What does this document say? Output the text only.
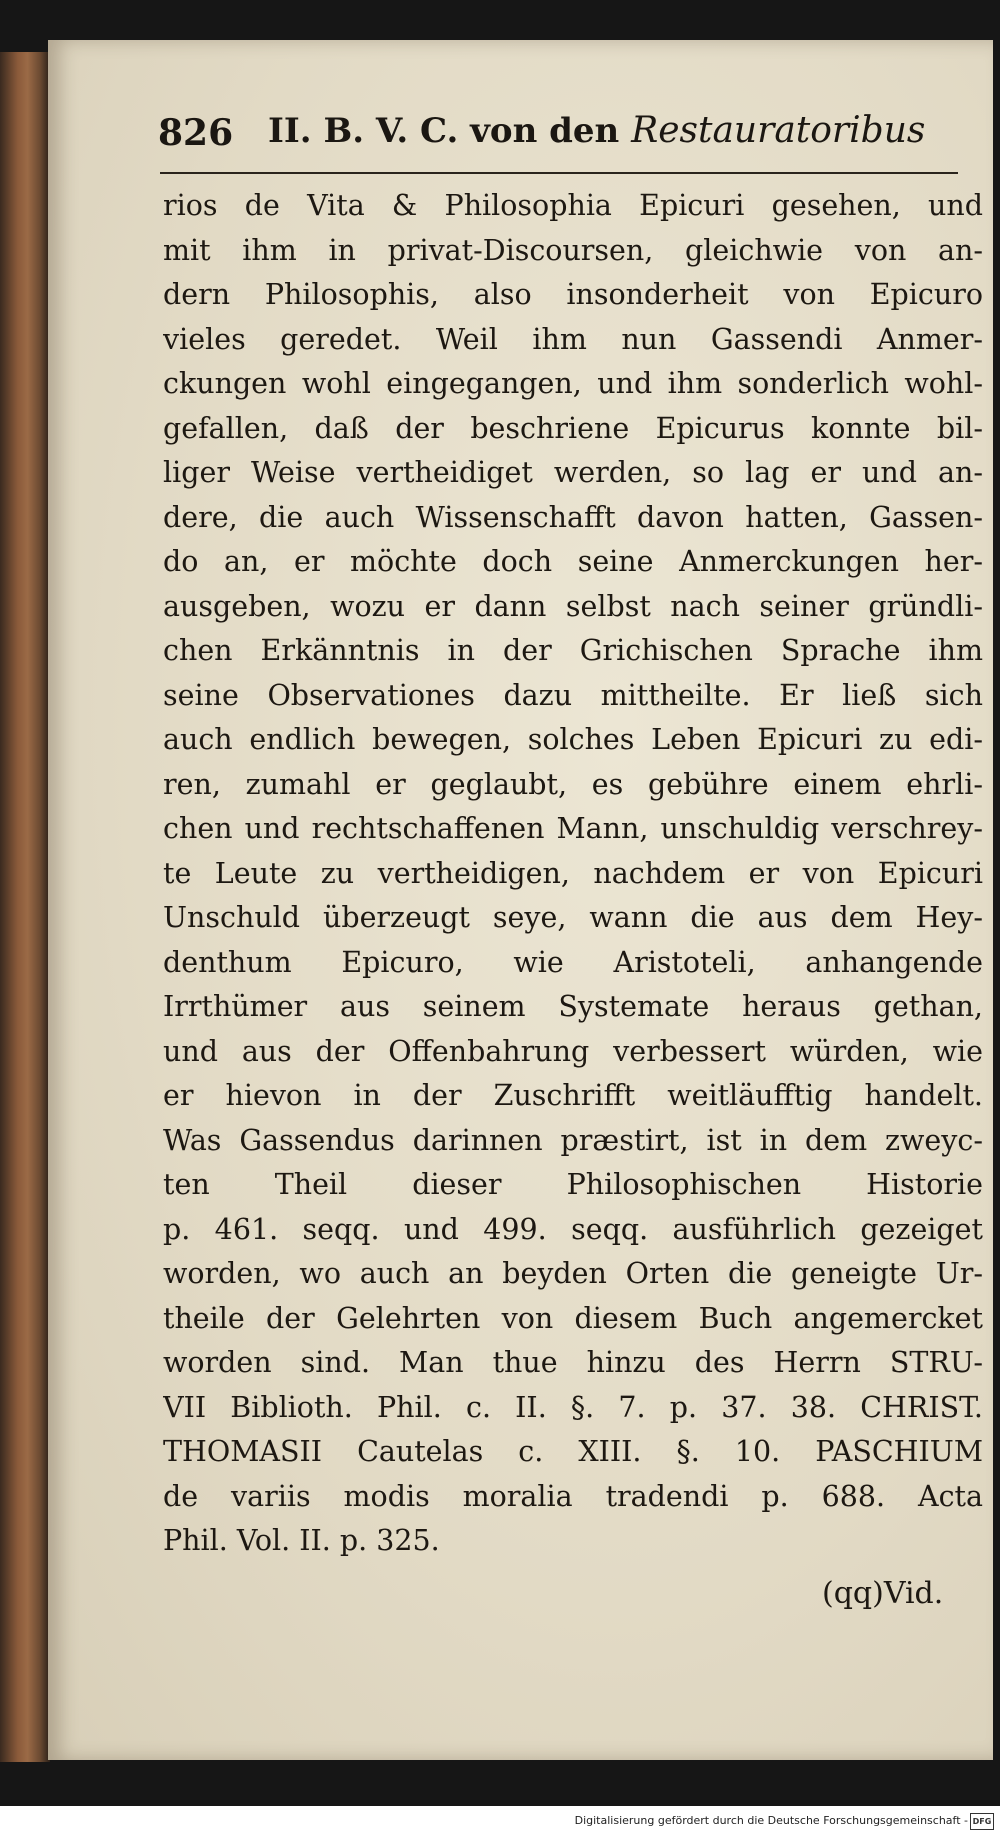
826 II. B. V. C. von den Restauratoribus
rios de Vita & Philosophia Epicuri gesehen, und
mit ihm in privat-Discoursen, gleichwie von an-
dern Philosophis, also insonderheit von Epicuro
vieles geredet. Weil ihm nun Gassendi Anmer-
ckungen wohl eingegangen, und ihm sonderlich wohl-
gefallen, daß der beschriene Epicurus konnte bil-
liger Weise vertheidiget werden, so lag er und an-
dere, die auch Wissenschafft davon hatten, Gassen-
do an, er möchte doch seine Anmerckungen her-
ausgeben, wozu er dann selbst nach seiner gründli-
chen Erkänntnis in der Grichischen Sprache ihm
seine Observationes dazu mittheilte. Er ließ sich
auch endlich bewegen, solches Leben Epicuri zu edi-
ren, zumahl er geglaubt, es gebühre einem ehrli-
chen und rechtschaffenen Mann, unschuldig verschrey-
te Leute zu vertheidigen, nachdem er von Epicuri
Unschuld überzeugt seye, wann die aus dem Hey-
denthum Epicuro, wie Aristoteli, anhangende
Irrthümer aus seinem Systemate heraus gethan,
und aus der Offenbahrung verbessert würden, wie
er hievon in der Zuschrifft weitläufftig handelt.
Was Gassendus darinnen præstirt, ist in dem zweyc-
ten Theil dieser Philosophischen Historie
p. 461. seqq. und 499. seqq. ausführlich gezeiget
worden, wo auch an beyden Orten die geneigte Ur-
theile der Gelehrten von diesem Buch angemercket
worden sind. Man thue hinzu des Herrn STRU-
VII Biblioth. Phil. c. II. §. 7. p. 37. 38. CHRIST.
THOMASII Cautelas c. XIII. §. 10. PASCHIUM
de variis modis moralia tradendi p. 688. Acta
Phil. Vol. II. p. 325.
(qq)Vid.
Digitalisierung gefördert durch die Deutsche Forschungsgemeinschaft - DFG
